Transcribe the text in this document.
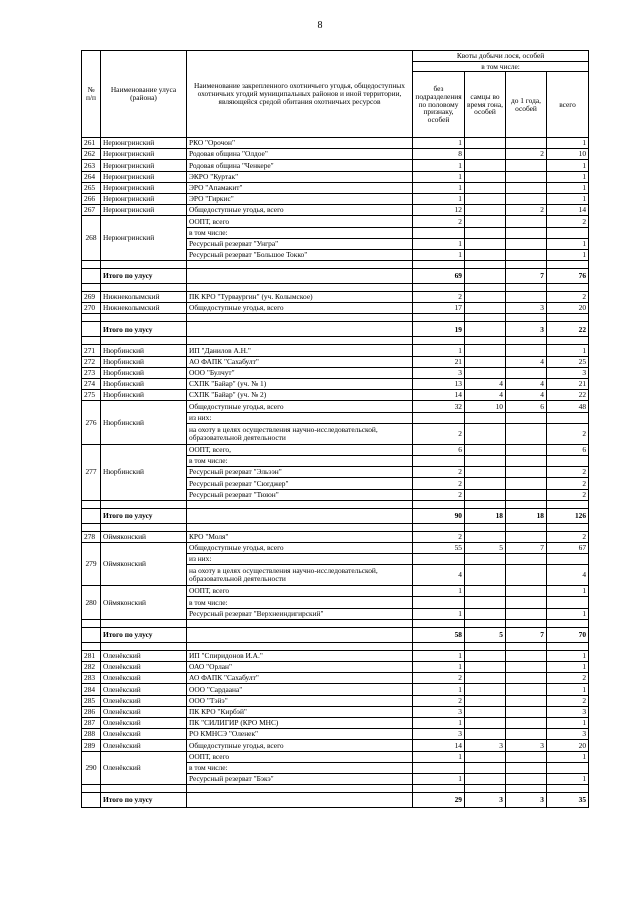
8
№ п/п	Наименование улуса (района)	Наименование закрепленного охотничьего угодья, общедоступных охотничьих угодий муниципальных районов и иной территории, являющейся средой обитания охотничьих ресурсов	Квоты добычи лося, особей			
			в том числе:			
			без подразделения по половому признаку, особей	самцы во время гона, особей	до 1 года, особей	всего
261	Нерюнгринский	РКО "Орочон"	1			1
262	Нерюнгринский	Родовая община "Олдое"	8		2	10
263	Нерюнгринский	Родовая община "Ченкере"	1			1
264	Нерюнгринский	ЭКРО "Куртак"	1			1
265	Нерюнгринский	ЭРО "Апамакит"	1			1
266	Нерюнгринский	ЭРО "Гиркис"	1			1
267	Нерюнгринский	Общедоступные угодья, всего	12		2	14
268	Нерюнгринский	ООПТ, всего	2			2
		в том числе:				
		Ресурсный резерват "Унгра"	1			1
		Ресурсный резерват "Большое Токко"	1			1

	Итого по улусу		69		7	76

269	Нижнеколымский	ПК КРО "Турваургин" (уч. Колымское)	2			2
270	Нижнеколымский	Общедоступные угодья, всего	17		3	20

	Итого по улусу		19		3	22

271	Нюрбинский	ИП "Данилов А.Н."	1			1
272	Нюрбинский	АО ФАПК "Сахабулт"	21		4	25
273	Нюрбинский	ООО "Булчут"	3			3
274	Нюрбинский	СХПК "Байар" (уч. № 1)	13	4	4	21
275	Нюрбинский	СХПК "Байар" (уч. № 2)	14	4	4	22
276	Нюрбинский	Общедоступные угодья, всего	32	10	6	48
		из них:				
		на охоту в целях осуществления научно-исследовательской, образовательной деятельности	2			2
277	Нюрбинский	ООПТ, всего,	6			6
		в том числе:				
		Ресурсный резерват "Эльээн"	2			2
		Ресурсный резерват "Сюгджер"	2			2
		Ресурсный резерват "Тююн"	2			2

	Итого по улусу		90	18	18	126

278	Оймяконский	КРО "Моля"	2			2
279	Оймяконский	Общедоступные угодья, всего	55	5	7	67
		из них:				
		на охоту в целях осуществления научно-исследовательской, образовательной деятельности	4			4
280	Оймяконский	ООПТ, всего	1			1
		в том числе:				
		Ресурсный резерват "Верхнеиндигирский"	1			1

	Итого по улусу		58	5	7	70

281	Оленёкский	ИП "Спиридонов И.А."	1			1
282	Оленёкский	ОАО "Орлан"	1			1
283	Оленёкский	АО ФАПК "Сахабулт"	2			2
284	Оленёкский	ООО "Сардаана"	1			1
285	Оленёкский	ООО "Тэйэ"	2			2
286	Оленёкский	ПК КРО "Кирбэй"	3			3
287	Оленёкский	ПК "СИЛИГИР (КРО МНС)	1			1
288	Оленёкский	РО КМНСЭ "Оленек"	3			3
289	Оленёкский	Общедоступные угодья, всего	14	3	3	20
290	Оленёкский	ООПТ, всего	1			1
		в том числе:				
		Ресурсный резерват "Бэкэ"	1			1

	Итого по улусу		29	3	3	35
